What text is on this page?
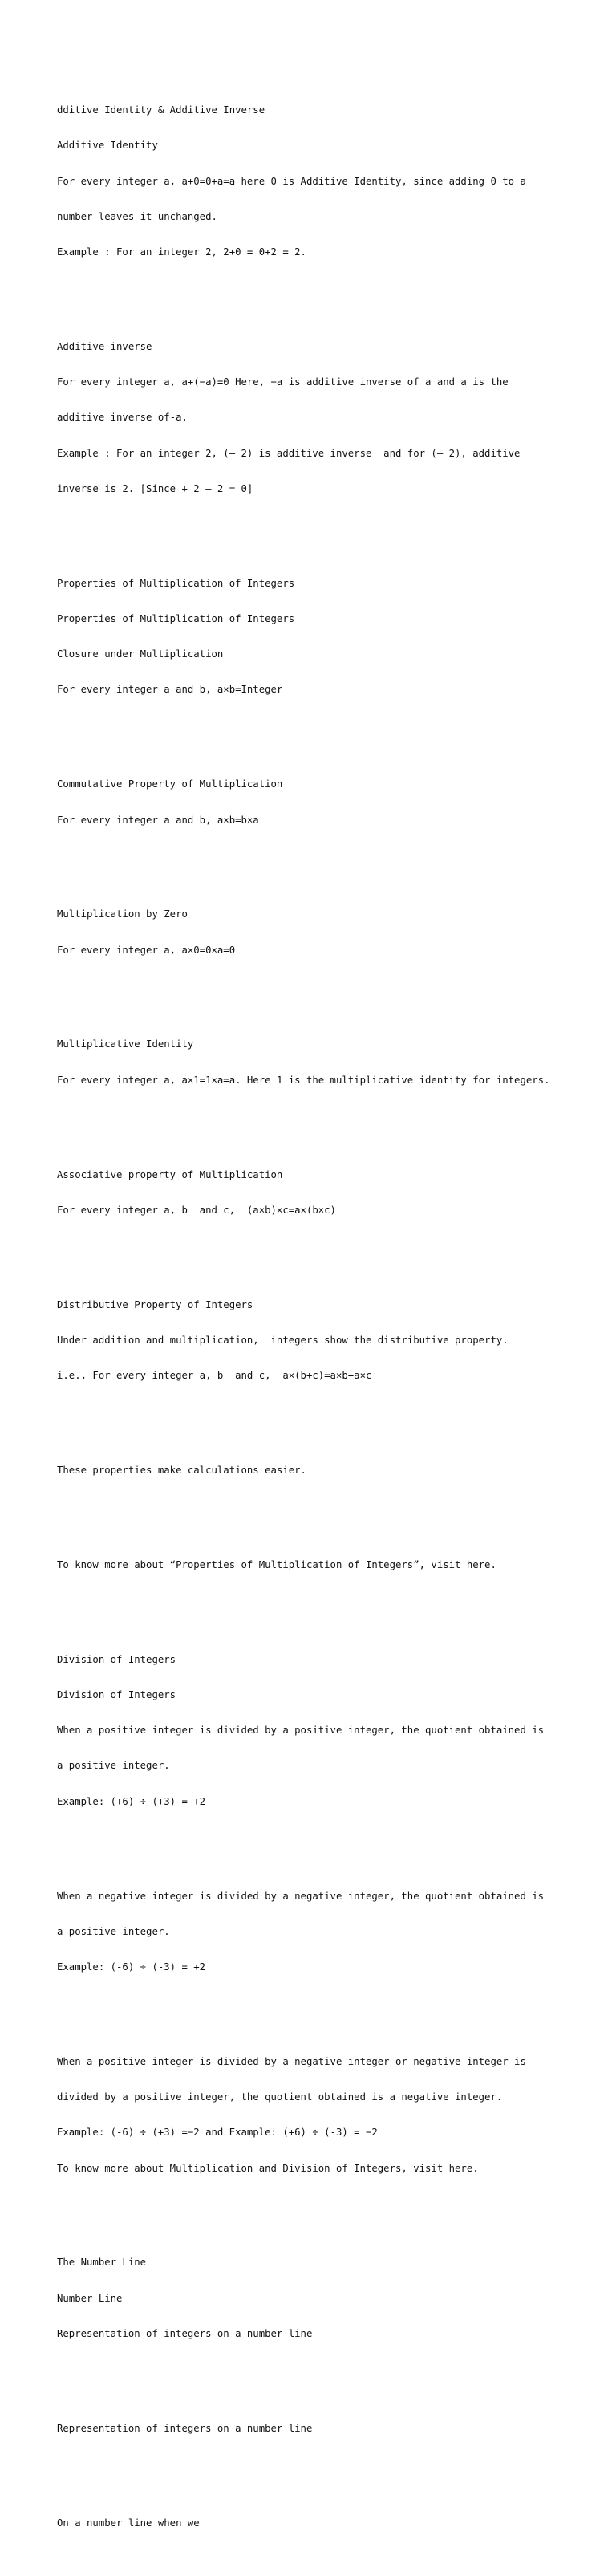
dditive Identity & Additive Inverse

Additive Identity

For every integer a, a+0=0+a=a here 0 is Additive Identity, since adding 0 to a

number leaves it unchanged.

Example : For an integer 2, 2+0 = 0+2 = 2.

Additive inverse

For every integer a, a+(−a)=0 Here, −a is additive inverse of a and a is the

additive inverse of-a.

Example : For an integer 2, (– 2) is additive inverse  and for (– 2), additive

inverse is 2. [Since + 2 – 2 = 0]

Properties of Multiplication of Integers

Properties of Multiplication of Integers

Closure under Multiplication

For every integer a and b, a×b=Integer

Commutative Property of Multiplication

For every integer a and b, a×b=b×a

Multiplication by Zero

For every integer a, a×0=0×a=0

Multiplicative Identity

For every integer a, a×1=1×a=a. Here 1 is the multiplicative identity for integers.

Associative property of Multiplication

For every integer a, b  and c,  (a×b)×c=a×(b×c)

Distributive Property of Integers

Under addition and multiplication,  integers show the distributive property.

i.e., For every integer a, b  and c,  a×(b+c)=a×b+a×c

These properties make calculations easier.

To know more about “Properties of Multiplication of Integers”, visit here.

Division of Integers

Division of Integers

When a positive integer is divided by a positive integer, the quotient obtained is

a positive integer.

Example: (+6) ÷ (+3) = +2

When a negative integer is divided by a negative integer, the quotient obtained is

a positive integer.

Example: (-6) ÷ (-3) = +2

When a positive integer is divided by a negative integer or negative integer is

divided by a positive integer, the quotient obtained is a negative integer.

Example: (-6) ÷ (+3) =−2 and Example: (+6) ÷ (-3) = −2

To know more about Multiplication and Division of Integers, visit here.

The Number Line

Number Line

Representation of integers on a number line

Representation of integers on a number line

On a number line when we
